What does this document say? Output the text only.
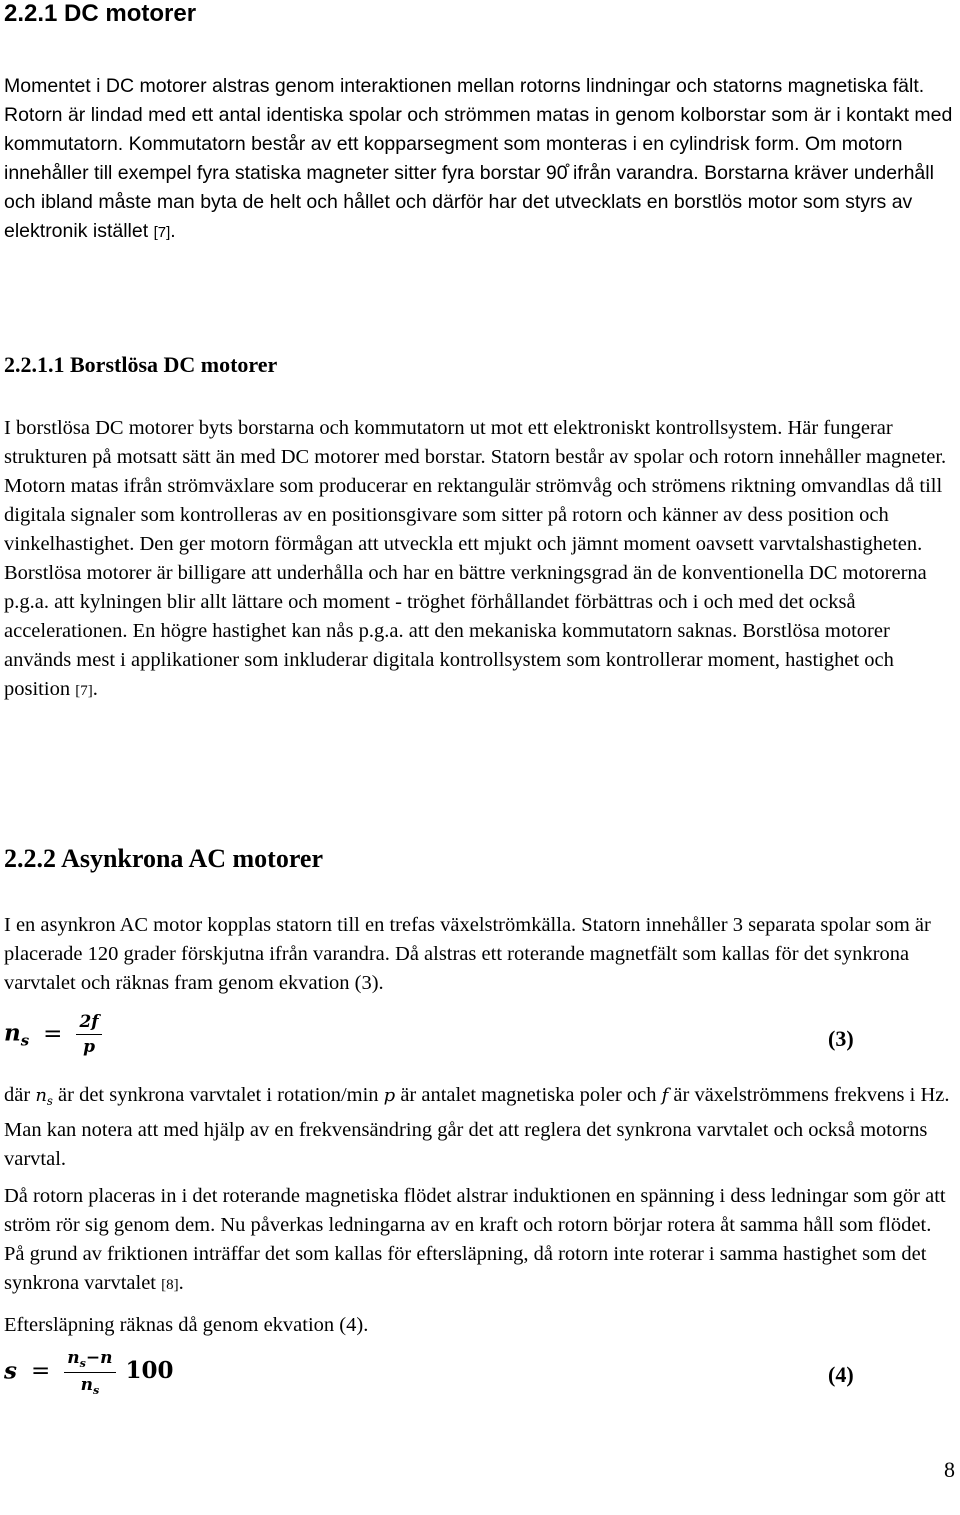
2.2.1 DC motorer

Momentet i DC motorer alstras genom interaktionen mellan rotorns lindningar och statorns magnetiska fält. Rotorn är lindad med ett antal identiska spolar och strömmen matas in genom kolborstar som är i kontakt med kommutatorn. Kommutatorn består av ett kopparsegment som monteras i en cylindrisk form. Om motorn innehåller till exempel fyra statiska magneter sitter fyra borstar 90̊ ifrån varandra. Borstarna kräver underhåll och ibland måste man byta de helt och hållet och därför har det utvecklats en borstlös motor som styrs av elektronik istället [7].

2.2.1.1 Borstlösa DC motorer

I borstlösa DC motorer byts borstarna och kommutatorn ut mot ett elektroniskt kontrollsystem. Här fungerar strukturen på motsatt sätt än med DC motorer med borstar. Statorn består av spolar och rotorn innehåller magneter. Motorn matas ifrån strömväxlare som producerar en rektangulär strömvåg och strömens riktning omvandlas då till digitala signaler som kontrolleras av en positionsgivare som sitter på rotorn och känner av dess position och vinkelhastighet. Den ger motorn förmågan att utveckla ett mjukt och jämnt moment oavsett varvtalshastigheten. Borstlösa motorer är billigare att underhålla och har en bättre verkningsgrad än de konventionella DC motorerna p.g.a. att kylningen blir allt lättare och moment - tröghet förhållandet förbättras och i och med det också accelerationen. En högre hastighet kan nås p.g.a. att den mekaniska kommutatorn saknas. Borstlösa motorer används mest i applikationer som inkluderar digitala kontrollsystem som kontrollerar moment, hastighet och position [7].

2.2.2 Asynkrona AC motorer

I en asynkron AC motor kopplas statorn till en trefas växelströmkälla. Statorn innehåller 3 separata spolar som är placerade 120 grader förskjutna ifrån varandra. Då alstras ett roterande magnetfält som kallas för det synkrona varvtalet och räknas fram genom ekvation (3).

$n_s = \frac{2f}{p}$	(3)

där $n_s$ är det synkrona varvtalet i rotation/min p är antalet magnetiska poler och f är växelströmmens frekvens i Hz. Man kan notera att med hjälp av en frekvensändring går det att reglera det synkrona varvtalet och också motorns varvtal.

Då rotorn placeras in i det roterande magnetiska flödet alstrar induktionen en spänning i dess ledningar som gör att ström rör sig genom dem. Nu påverkas ledningarna av en kraft och rotorn börjar rotera åt samma håll som flödet. På grund av friktionen inträffar det som kallas för eftersläpning, då rotorn inte roterar i samma hastighet som det synkrona varvtalet [8].

Eftersläpning räknas då genom ekvation (4).

$s = \frac{n_s-n}{n_s} 100$	(4)
8
